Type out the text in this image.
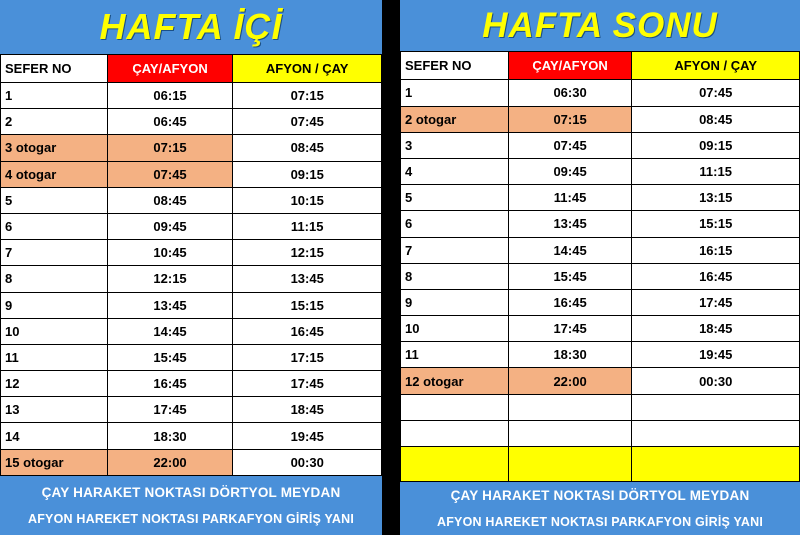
HAFTA İÇİ
SEFER NO	ÇAY/AFYON	AFYON / ÇAY
1	06:15	07:15
2	06:45	07:45
3 otogar	07:15	08:45
4 otogar	07:45	09:15
5	08:45	10:15
6	09:45	11:15
7	10:45	12:15
8	12:15	13:45
9	13:45	15:15
10	14:45	16:45
11	15:45	17:15
12	16:45	17:45
13	17:45	18:45
14	18:30	19:45
15 otogar	22:00	00:30
ÇAY HARAKET NOKTASI DÖRTYOL MEYDAN
AFYON HAREKET NOKTASI PARKAFYON GİRİŞ YANI
HAFTA SONU
SEFER NO	ÇAY/AFYON	AFYON / ÇAY
1	06:30	07:45
2 otogar	07:15	08:45
3	07:45	09:15
4	09:45	11:15
5	11:45	13:15
6	13:45	15:15
7	14:45	16:15
8	15:45	16:45
9	16:45	17:45
10	17:45	18:45
11	18:30	19:45
12 otogar	22:00	00:30

ÇAY HARAKET NOKTASI DÖRTYOL MEYDAN
AFYON HAREKET NOKTASI PARKAFYON GİRİŞ YANI
